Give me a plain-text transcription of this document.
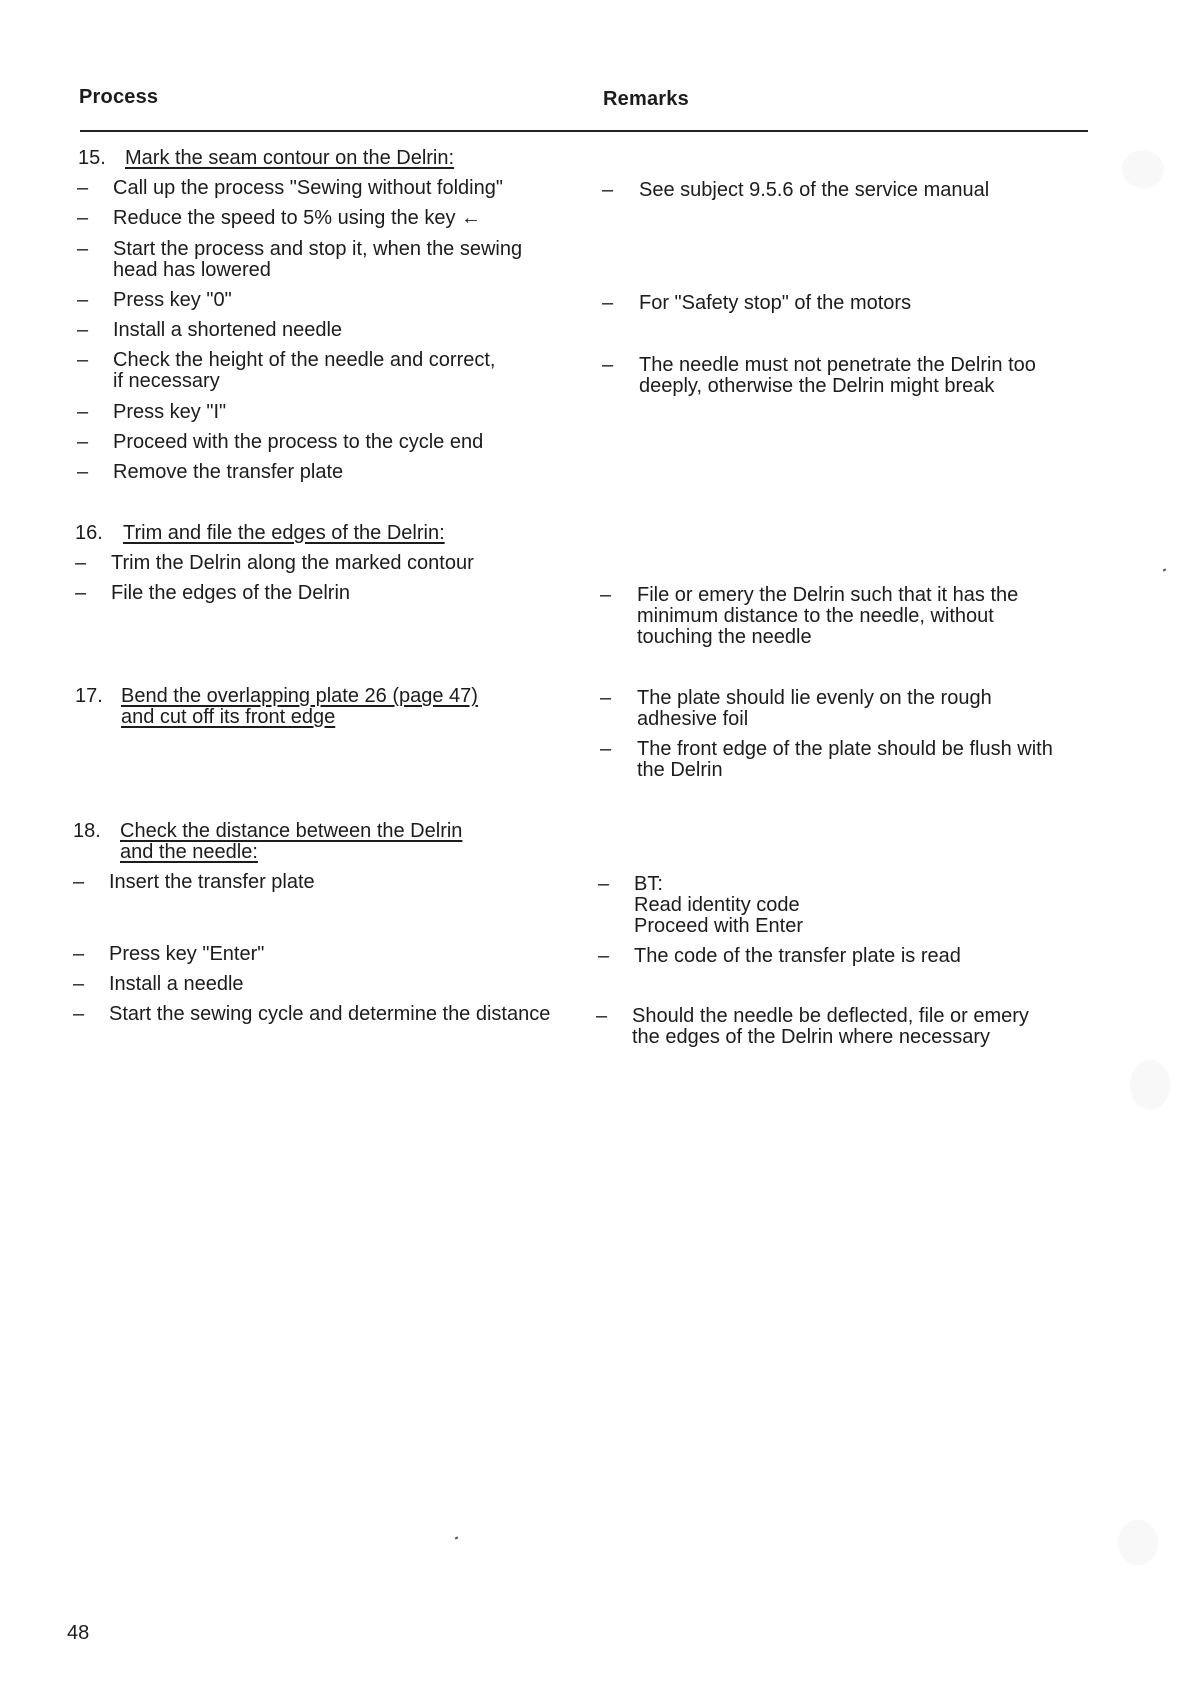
Process	Remarks
15. Mark the seam contour on the Delrin:
– Call up the process "Sewing without folding"
– Reduce the speed to 5% using the key ←
– Start the process and stop it, when the sewing
head has lowered
– Press key "0"
– Install a shortened needle
– Check the height of the needle and correct,
if necessary
– Press key "I"
– Proceed with the process to the cycle end
– Remove the transfer plate
– See subject 9.5.6 of the service manual
– For "Safety stop" of the motors
– The needle must not penetrate the Delrin too
deeply, otherwise the Delrin might break
16. Trim and file the edges of the Delrin:
– Trim the Delrin along the marked contour
– File the edges of the Delrin	– File or emery the Delrin such that it has the
minimum distance to the needle, without
touching the needle
17. Bend the overlapping plate 26 (page 47)
and cut off its front edge
– The plate should lie evenly on the rough
adhesive foil
– The front edge of the plate should be flush with
the Delrin
18. Check the distance between the Delrin
and the needle:
– Insert the transfer plate
– Press key "Enter"
– Install a needle
– Start the sewing cycle and determine the distance
– BT:
Read identity code
Proceed with Enter
– The code of the transfer plate is read
– Should the needle be deflected, file or emery
the edges of the Delrin where necessary
48
